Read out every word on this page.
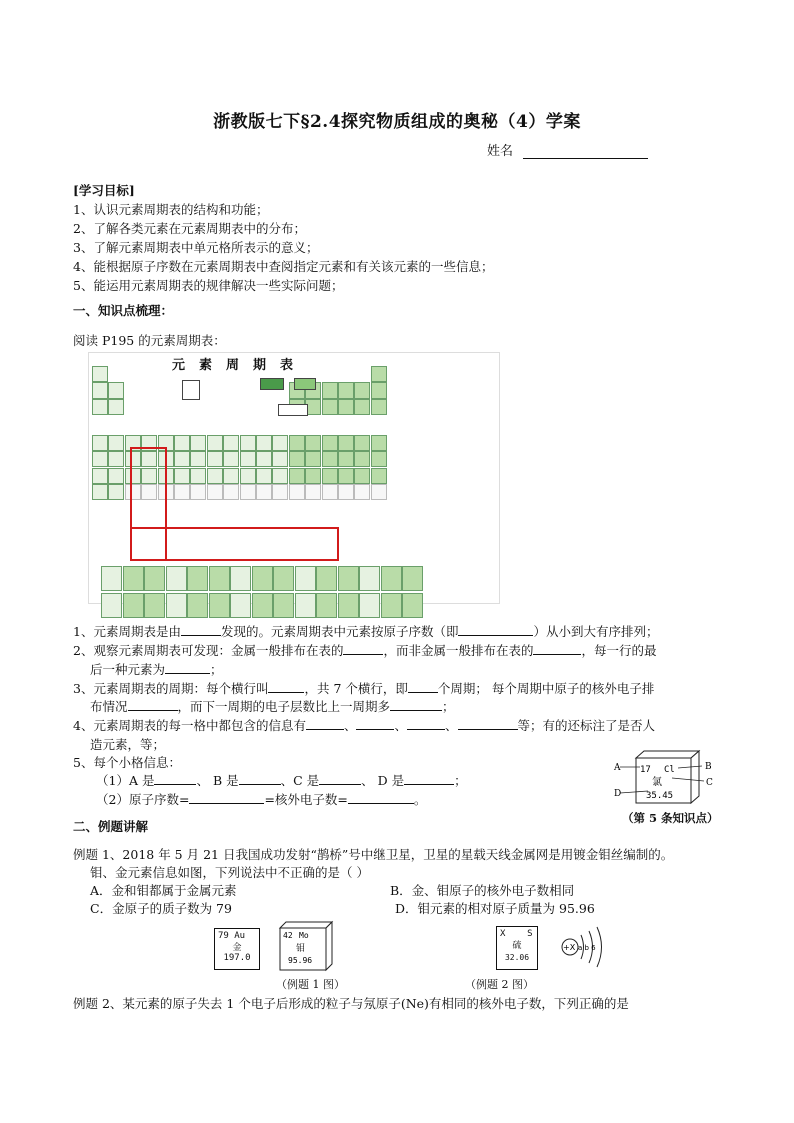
浙教版七下§2.4探究物质组成的奥秘（4）学案
姓名
[学习目标]
1、认识元素周期表的结构和功能；
2、了解各类元素在元素周期表中的分布；
3、了解元素周期表中单元格所表示的意义；
4、能根据原子序数在元素周期表中查阅指定元素和有关该元素的一些信息；
5、能运用元素周期表的规律解决一些实际问题；
一、知识点梳理：
阅读 P195 的元素周期表：
元素周期表
1、元素周期表是由	发现的。元素周期表中元素按原子序数（即	）从小到大有序排列；
2、观察元素周期表可发现：金属一般排布在表的	，而非金属一般排布在表的	，每一行的最
后一种元素为	；
3、元素周期表的周期：每个横行叫	，共 7 个横行，即 个周期； 每个周期中原子的核外电子排
布情况	，而下一周期的电子层数比上一周期多	；
4、元素周期表的每一格中都包含的信息有	、	、	、	等；有的还标注了是否人
造元素，等；
5、每个小格信息：
（1）A 是	、 B 是	、C 是	、 D 是	；
（2）原子序数=	=核外电子数=	。
17 Cl
氯
35.45
A	B
C
D
（第 5 条知识点）
二、例题讲解
例题 1、2018 年 5 月 21 日我国成功发射“鹊桥”号中继卫星，卫星的星载天线金属网是用镀金钼丝编制的。
钼、金元素信息如图，下列说法中不正确的是（ ）
A．金和钼都属于金属元素	B．金、钼原子的核外电子数相同
C．金原子的质子数为 79	D．钼元素的相对原子质量为 95.96
79 Au
金
197.0
42 Mo
钼
95.96
（例题 1 图）
X S
硫
32.06
+X a b 6
（例题 2 图）
例题 2、某元素的原子失去 1 个电子后形成的粒子与氖原子(Ne)有相同的核外电子数，下列正确的是
